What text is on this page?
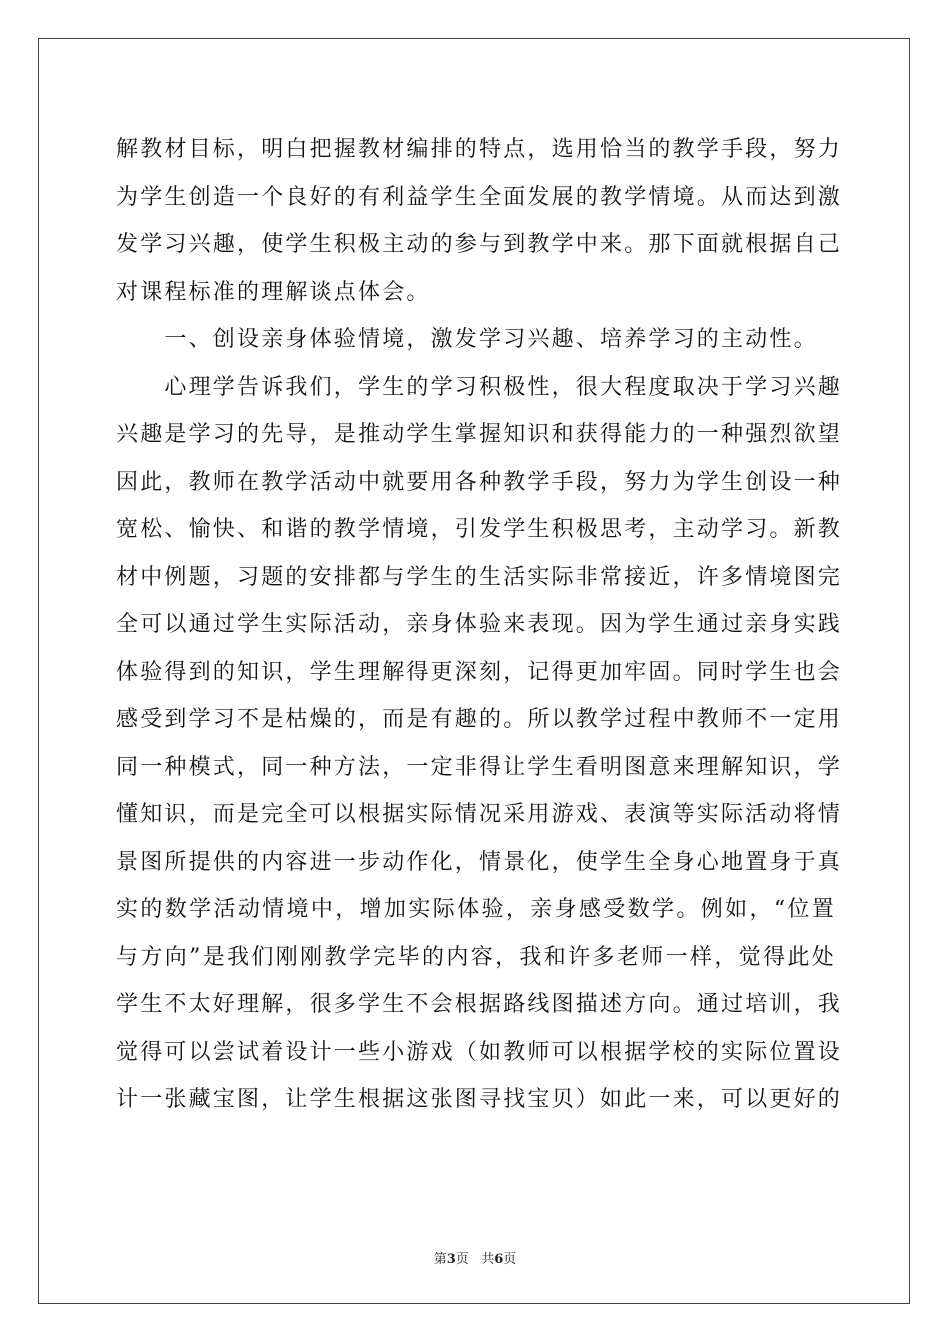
解教材目标，明白把握教材编排的特点，选用恰当的教学手段，努力
为学生创造一个良好的有利益学生全面发展的教学情境。从而达到激
发学习兴趣，使学生积极主动的参与到教学中来。那下面就根据自己
对课程标准的理解谈点体会。
　　一、创设亲身体验情境，激发学习兴趣、培养学习的主动性。
　　心理学告诉我们，学生的学习积极性，很大程度取决于学习兴趣
兴趣是学习的先导，是推动学生掌握知识和获得能力的一种强烈欲望
因此，教师在教学活动中就要用各种教学手段，努力为学生创设一种
宽松、愉快、和谐的教学情境，引发学生积极思考，主动学习。新教
材中例题，习题的安排都与学生的生活实际非常接近，许多情境图完
全可以通过学生实际活动，亲身体验来表现。因为学生通过亲身实践
体验得到的知识，学生理解得更深刻，记得更加牢固。同时学生也会
感受到学习不是枯燥的，而是有趣的。所以教学过程中教师不一定用
同一种模式，同一种方法，一定非得让学生看明图意来理解知识，学
懂知识，而是完全可以根据实际情况采用游戏、表演等实际活动将情
景图所提供的内容进一步动作化，情景化，使学生全身心地置身于真
实的数学活动情境中，增加实际体验，亲身感受数学。例如，“位置
与方向”是我们刚刚教学完毕的内容，我和许多老师一样，觉得此处
学生不太好理解，很多学生不会根据路线图描述方向。通过培训，我
觉得可以尝试着设计一些小游戏（如教师可以根据学校的实际位置设
计一张藏宝图，让学生根据这张图寻找宝贝）如此一来，可以更好的
第3页 共6页
